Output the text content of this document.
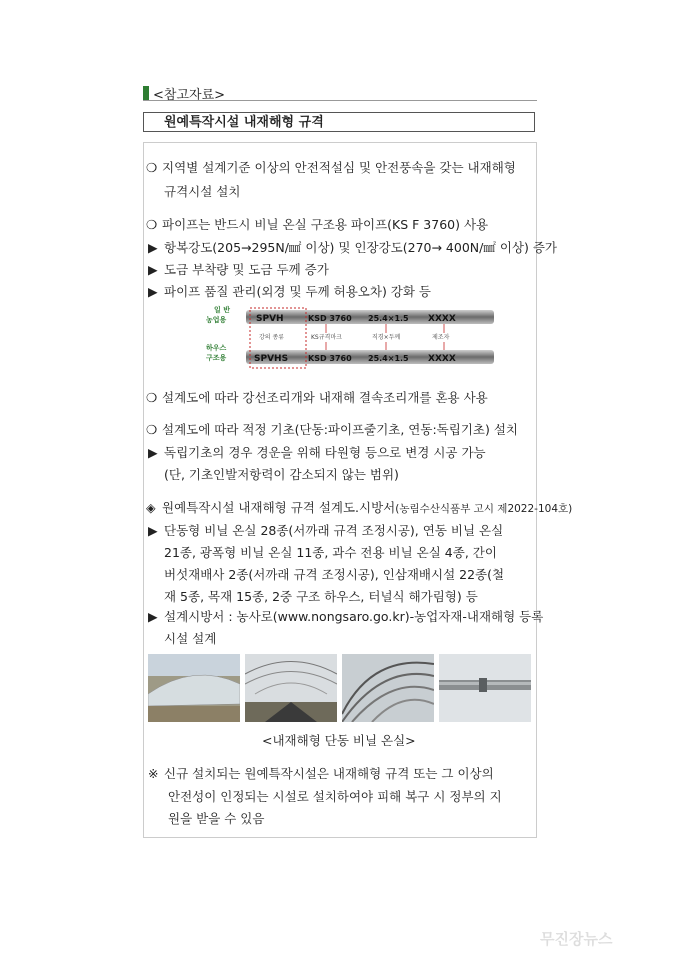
<참고자료>
원예특작시설 내재해형 규격
❍ 지역별 설계기준 이상의 안전적설심 및 안전풍속을 갖는 내재해형
규격시설 설치
❍ 파이프는 반드시 비닐 온실 구조용 파이프(KS F 3760) 사용
▶ 항복강도(205→295N/㎟ 이상) 및 인장강도(270→ 400N/㎟ 이상) 증가
▶ 도금 부착량 및 도금 두께 증가
▶ 파이프 품질 관리(외경 및 두께 허용오차) 강화 등
일 반
농업용
하우스
구조용
SPVH	KSD 3760 25.4×1.5 XXXX
강의 종류	KS규격마크	직경×두께	제조자
SPVHS KSD 3760 25.4×1.5 XXXX
❍ 설계도에 따라 강선조리개와 내재해 결속조리개를 혼용 사용
❍ 설계도에 따라 적정 기초(단동:파이프줄기초, 연동:독립기초) 설치
▶ 독립기초의 경우 경운을 위해 타원형 등으로 변경 시공 가능
(단, 기초인발저항력이 감소되지 않는 범위)
◈ 원예특작시설 내재해형 규격 설계도.시방서(농림수산식품부 고시 제2022-104호)
▶ 단동형 비닐 온실 28종(서까래 규격 조정시공), 연동 비닐 온실
21종, 광폭형 비닐 온실 11종, 과수 전용 비닐 온실 4종, 간이
버섯재배사 2종(서까래 규격 조정시공), 인삼재배시설 22종(철
재 5종, 목재 15종, 2중 구조 하우스, 터널식 해가림형) 등
▶ 설계시방서 : 농사로(www.nongsaro.go.kr)-농업자재-내재해형 등록
시설 설계
<내재해형 단동 비닐 온실>
※ 신규 설치되는 원예특작시설은 내재해형 규격 또는 그 이상의
안전성이 인정되는 시설로 설치하여야 피해 복구 시 정부의 지
원을 받을 수 있음
무진장뉴스
